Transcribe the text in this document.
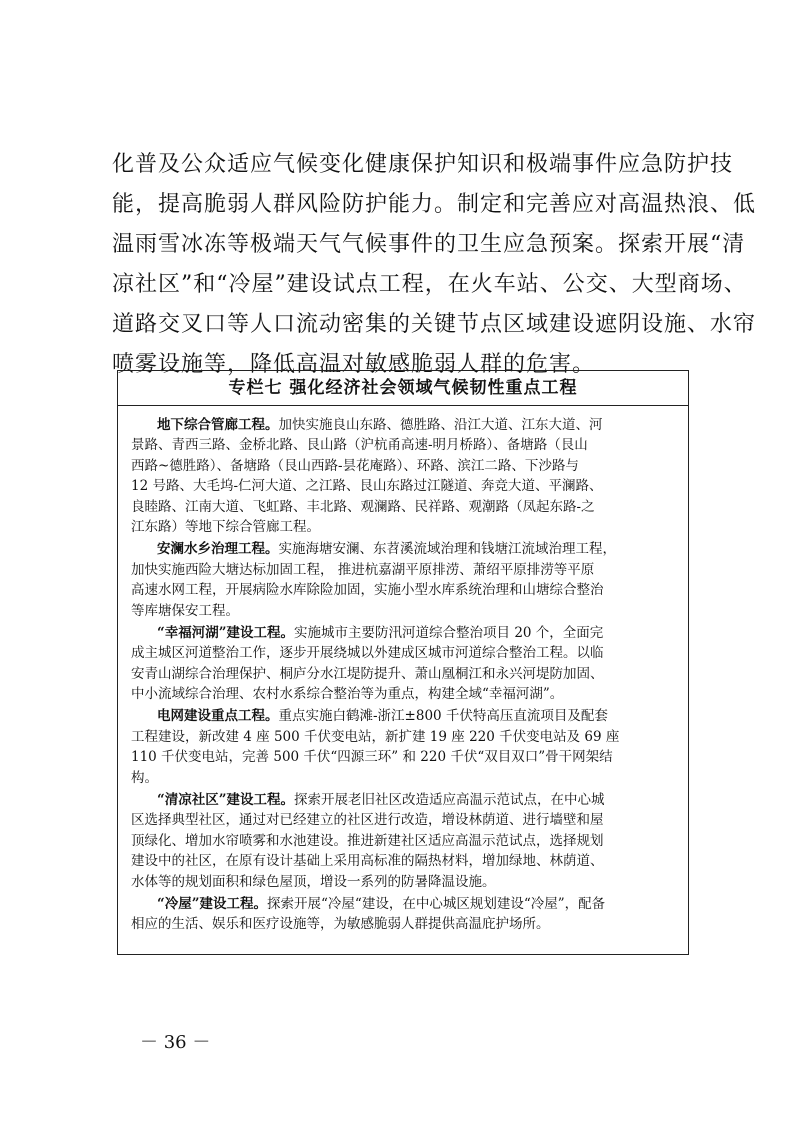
化普及公众适应气候变化健康保护知识和极端事件应急防护技
能，提高脆弱人群风险防护能力。制定和完善应对高温热浪、低
温雨雪冰冻等极端天气气候事件的卫生应急预案。探索开展“清
凉社区”和“冷屋”建设试点工程，在火车站、公交、大型商场、
道路交叉口等人口流动密集的关键节点区域建设遮阴设施、水帘
喷雾设施等，降低高温对敏感脆弱人群的危害。
专栏七 强化经济社会领域气候韧性重点工程
地下综合管廊工程。加快实施良山东路、德胜路、沿江大道、江东大道、河
景路、青西三路、金桥北路、艮山路（沪杭甬高速-明月桥路）、备塘路（艮山
西路~德胜路）、备塘路（艮山西路-昙花庵路）、环路、滨江二路、下沙路与
12 号路、大毛坞-仁河大道、之江路、艮山东路过江隧道、奔竞大道、平澜路、
良睦路、江南大道、飞虹路、丰北路、观澜路、民祥路、观潮路（凤起东路-之
江东路）等地下综合管廊工程。
安澜水乡治理工程。实施海塘安澜、东苕溪流域治理和钱塘江流域治理工程，
加快实施西险大塘达标加固工程， 推进杭嘉湖平原排涝、萧绍平原排涝等平原
高速水网工程，开展病险水库除险加固，实施小型水库系统治理和山塘综合整治
等库塘保安工程。
“幸福河湖”建设工程。实施城市主要防汛河道综合整治项目 20 个，全面完
成主城区河道整治工作，逐步开展绕城以外建成区城市河道综合整治工程。以临
安青山湖综合治理保护、桐庐分水江堤防提升、萧山凰桐江和永兴河堤防加固、
中小流域综合治理、农村水系综合整治等为重点，构建全域“幸福河湖”。
电网建设重点工程。重点实施白鹤滩-浙江±800 千伏特高压直流项目及配套
工程建设，新改建 4 座 500 千伏变电站，新扩建 19 座 220 千伏变电站及 69 座
110 千伏变电站，完善 500 千伏“四源三环” 和 220 千伏“双目双口”骨干网架结
构。
“清凉社区”建设工程。探索开展老旧社区改造适应高温示范试点，在中心城
区选择典型社区，通过对已经建立的社区进行改造，增设林荫道、进行墙壁和屋
顶绿化、增加水帘喷雾和水池建设。推进新建社区适应高温示范试点，选择规划
建设中的社区，在原有设计基础上采用高标准的隔热材料，增加绿地、林荫道、
水体等的规划面积和绿色屋顶，增设一系列的防暑降温设施。
“冷屋”建设工程。探索开展“冷屋“建设，在中心城区规划建设“冷屋”，配备
相应的生活、娱乐和医疗设施等，为敏感脆弱人群提供高温庇护场所。
－ 36 －
